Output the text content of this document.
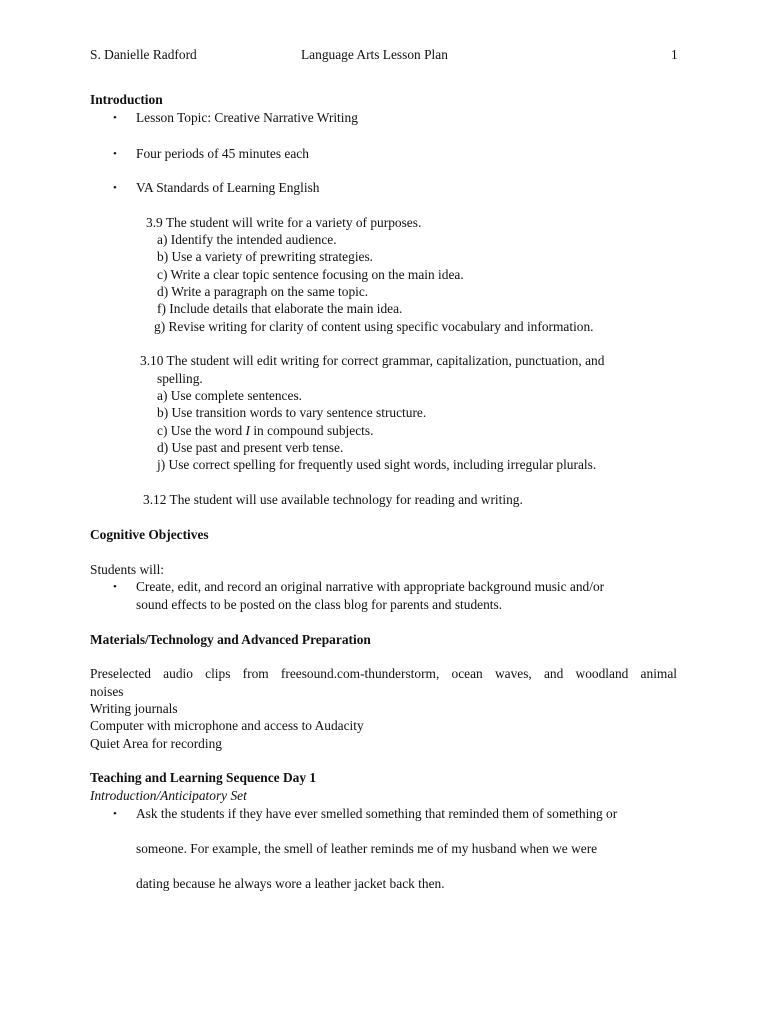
S. Danielle Radford	Language Arts Lesson Plan	1
Introduction
• Lesson Topic: Creative Narrative Writing
• Four periods of 45 minutes each
• VA Standards of Learning English
3.9 The student will write for a variety of purposes.
a) Identify the intended audience.
b) Use a variety of prewriting strategies.
c) Write a clear topic sentence focusing on the main idea.
d) Write a paragraph on the same topic.
f) Include details that elaborate the main idea.
g) Revise writing for clarity of content using specific vocabulary and information.
3.10 The student will edit writing for correct grammar, capitalization, punctuation, and
spelling.
a) Use complete sentences.
b) Use transition words to vary sentence structure.
c) Use the word I in compound subjects.
d) Use past and present verb tense.
j) Use correct spelling for frequently used sight words, including irregular plurals.
3.12 The student will use available technology for reading and writing.
Cognitive Objectives
Students will:
• Create, edit, and record an original narrative with appropriate background music and/or
sound effects to be posted on the class blog for parents and students.
Materials/Technology and Advanced Preparation
Preselected audio clips from freesound.com-thunderstorm, ocean waves, and woodland animal
noises
Writing journals
Computer with microphone and access to Audacity
Quiet Area for recording
Teaching and Learning Sequence Day 1
Introduction/Anticipatory Set
• Ask the students if they have ever smelled something that reminded them of something or
someone. For example, the smell of leather reminds me of my husband when we were
dating because he always wore a leather jacket back then.
